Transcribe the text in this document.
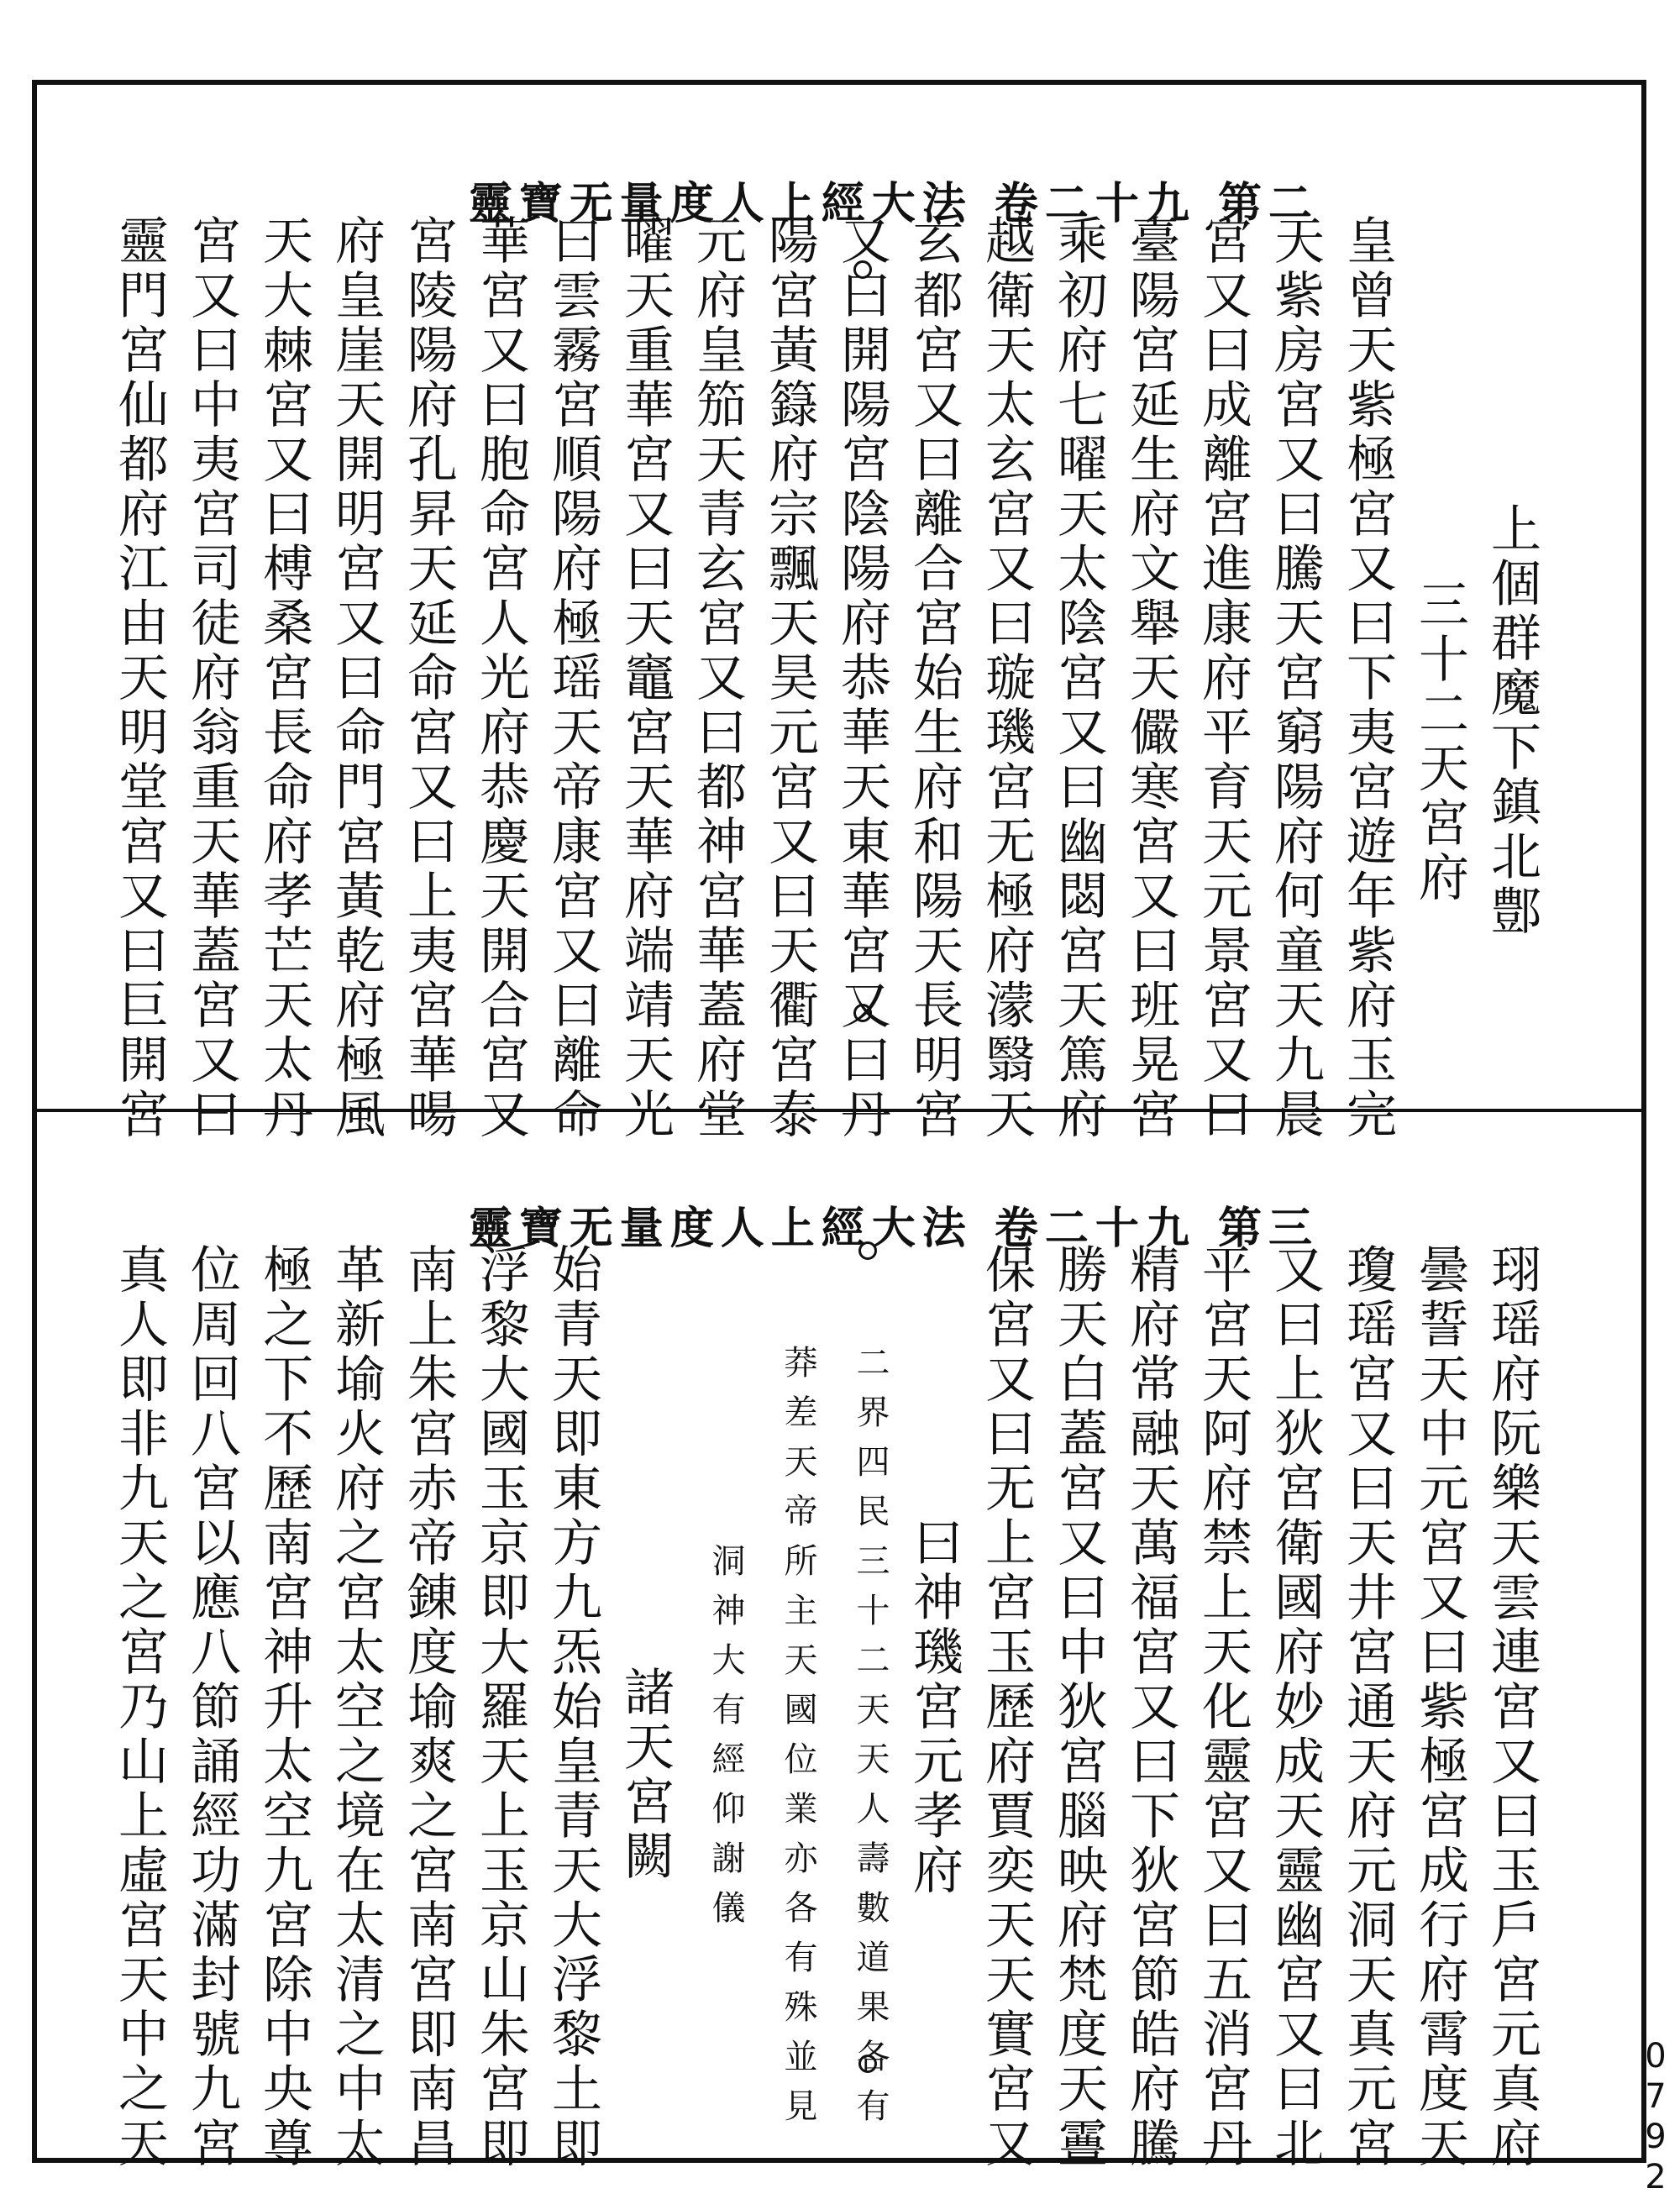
靈寶无量度人上經大法 卷二十九 第二
上個群魔下鎮北鄷
三十二天宮府
皇曾天紫極宮又曰下夷宮遊年紫府玉完
天紫房宮又曰騰天宮窮陽府何童天九晨
宮又曰成離宮進康府平育天元景宮又曰
臺陽宮延生府文舉天儼寒宮又曰班晃宮
乘初府七曜天太陰宮又曰幽閟宮天篤府
越衛天太玄宮又曰璇璣宮无極府濛翳天
玄都宮又曰離合宮始生府和陽天長明宮
又曰開陽宮陰陽府恭華天東華宮又曰丹
陽宮黃籙府宗飄天昊元宮又曰天衢宮泰
元府皇笳天青玄宮又曰都神宮華蓋府堂
曜天重華宮又曰天竈宮天華府端靖天光
曰雲霧宮順陽府極瑶天帝康宮又曰離命
華宮又曰胞命宮人光府恭慶天開合宮又
宮陵陽府孔昇天延命宮又曰上夷宮華暘
府皇崖天開明宮又曰命門宮黃乾府極風
天大棘宮又曰榑桑宮長命府孝芒天太丹
宮又曰中夷宮司徒府翁重天華蓋宮又曰
靈門宮仙都府江由天明堂宮又曰巨開宮
靈寶无量度人上經大法 卷二十九 第三
珝瑶府阮樂天雲連宮又曰玉戶宮元真府
曇誓天中元宮又曰紫極宮成行府霄度天
瓊瑶宮又曰天井宮通天府元洞天真元宮
又曰上狄宮衛國府妙成天靈幽宮又曰北
平宮天阿府禁上天化靈宮又曰五消宮丹
精府常融天萬福宮又曰下狄宮節皓府騰
勝天白蓋宮又曰中狄宮腦映府梵度天霻
保宮又曰无上宮玉歷府賈奕天天實宮又
曰神璣宮元孝府
二界四民三十二天天人壽數道果各有
莽差天帝所主天國位業亦各有殊並見
洞神大有經仰謝儀
諸天宮闕
始青天即東方九炁始皇青天大浮黎土即
浮黎大國玉京即大羅天上玉京山朱宮即
南上朱宮赤帝錬度堬爽之宮南宮即南昌
革新堬火府之宮太空之境在太清之中太
極之下不歷南宮神升太空九宮除中央尊
位周回八宮以應八節誦經功滿封號九宮
真人即非九天之宮乃山上虛宮天中之天	0792
